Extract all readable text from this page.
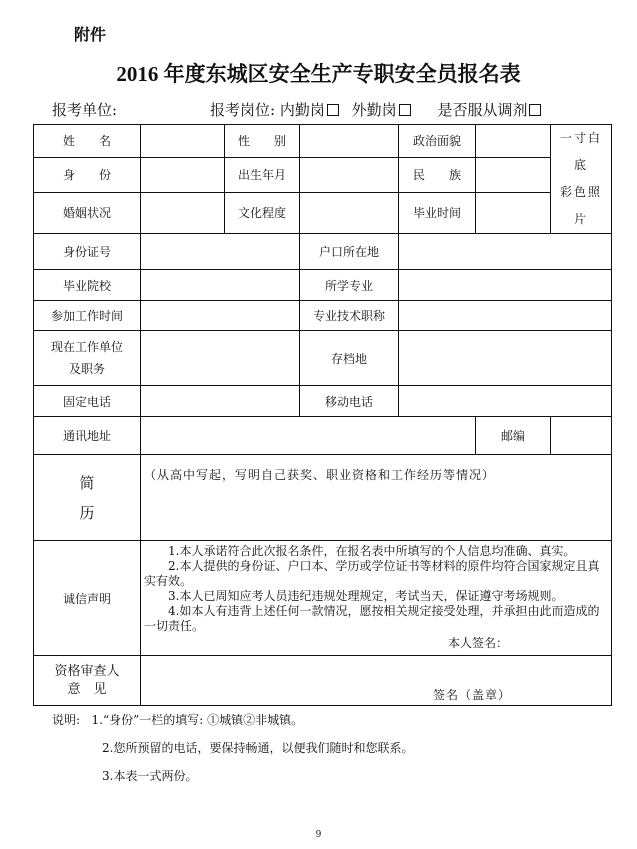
附件
2016 年度东城区安全生产专职安全员报名表
报考单位:	报考岗位: 内勤岗 外勤岗	是否服从调剂
姓　　名		性　　别		政治面貌		一寸白底
彩色照片
身　　份		出生年月		民　　族		
婚姻状况		文化程度		毕业时间		
身份证号			户口所在地			
毕业院校			所学专业			
参加工作时间			专业技术职称			
现在工作单位
及职务			存档地			
固定电话			移动电话			
通讯地址					邮编	
简
历	（从高中写起，写明自己获奖、职业资格和工作经历等情况）					
诚信声明	1.本人承诺符合此次报名条件，在报名表中所填写的个人信息均准确、真实。

2.本人提供的身份证、户口本、学历或学位证书等材料的原件均符合国家规定且真实有效。

3.本人已周知应考人员违纪违规处理规定，考试当天，保证遵守考场规则。

4.如本人有违背上述任何一款情况，愿按相关规定接受处理，并承担由此而造成的一切责任。

本人签名：					

资格审查人
意　见	签名（盖章）					
说明: 1.“身份”一栏的填写: ①城镇②非城镇。
2.您所预留的电话，要保持畅通，以便我们随时和您联系。
3.本表一式两份。
9
